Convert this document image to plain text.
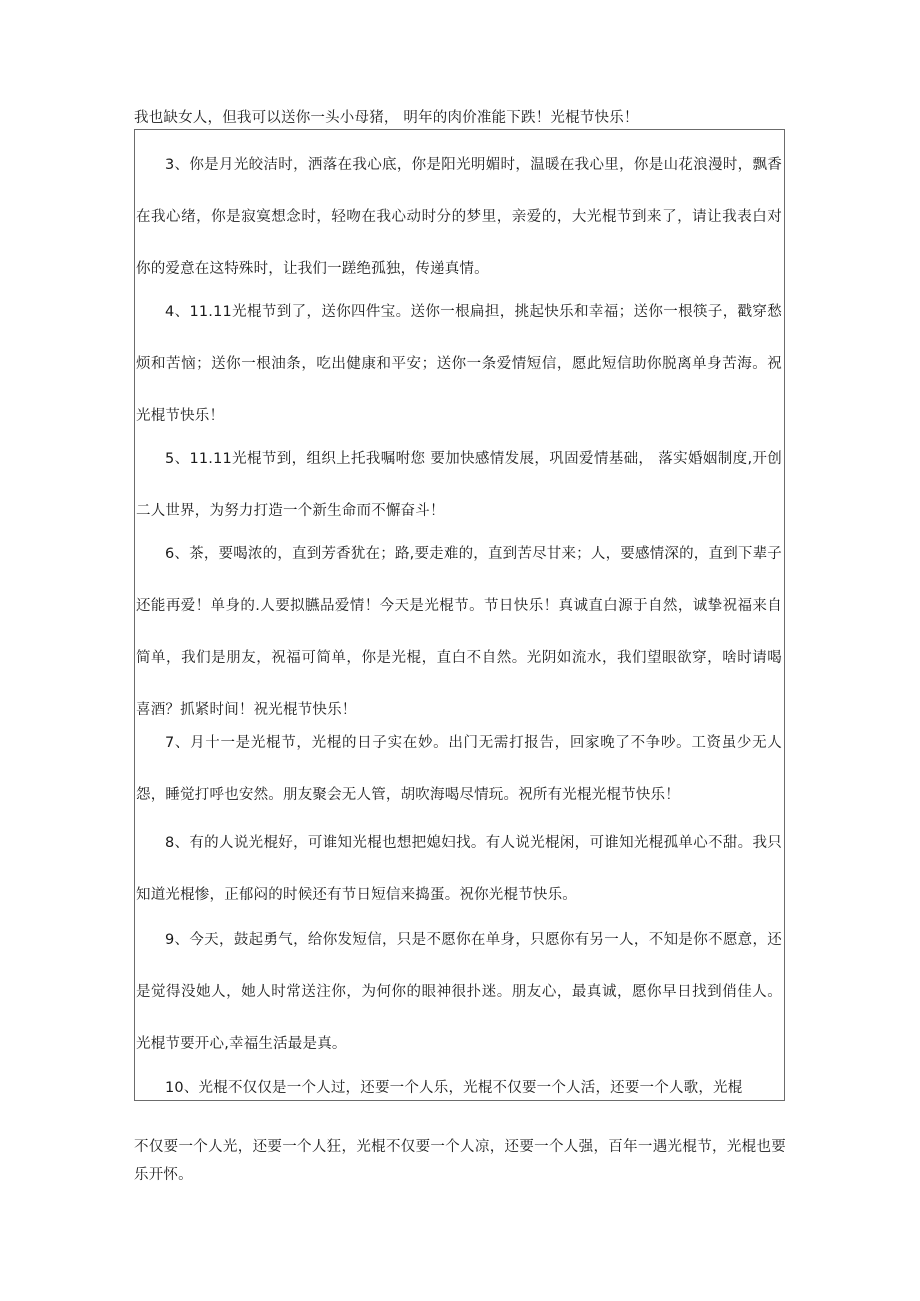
我也缺女人，但我可以送你一头小母猪， 明年的肉价准能下跌！光棍节快乐！

3、你是月光皎洁时，洒落在我心底，你是阳光明媚时，温暖在我心里，你是山花浪漫时，飘香在我心绪，你是寂寞想念时，轻吻在我心动时分的梦里，亲爱的，大光棍节到来了，请让我表白对你的爱意在这特殊时，让我们一蹉绝孤独，传递真情。

4、11.11光棍节到了，送你四件宝。送你一根扁担，挑起快乐和幸福；送你一根筷子，戳穿愁烦和苦恼；送你一根油条，吃出健康和平安；送你一条爱情短信，愿此短信助你脱离单身苦海。祝光棍节快乐！

5、11.11光棍节到，组织上托我嘱咐您 要加快感情发展，巩固爱情基础， 落实婚姻制度,开创二人世界，为努力打造一个新生命而不懈奋斗！

6、茶，要喝浓的，直到芳香犹在；路,要走难的，直到苦尽甘来；人，要感情深的，直到下辈子还能再爱！单身的.人要拟臙品爱情！今天是光棍节。节日快乐！真诚直白源于自然，诚挚祝福来自简单，我们是朋友，祝福可简单，你是光棍，直白不自然。光阴如流水，我们望眼欲穿，啥时请喝喜酒？抓紧时间！祝光棍节快乐！

7、月十一是光棍节，光棍的日子实在妙。出门无需打报告，回家晚了不争吵。工资虽少无人怨，睡觉打呼也安然。朋友聚会无人管，胡吹海喝尽情玩。祝所有光棍光棍节快乐！

8、有的人说光棍好，可谁知光棍也想把媳妇找。有人说光棍闲，可谁知光棍孤单心不甜。我只知道光棍惨，正郁闷的时候还有节日短信来捣蛋。祝你光棍节快乐。

9、今天，鼓起勇气，给你发短信，只是不愿你在单身，只愿你有另一人，不知是你不愿意，还是觉得没她人，她人时常送注你，为何你的眼神很扑迷。朋友心，最真诚，愿你早日找到俏佳人。光棍节要开心,幸福生活最是真。

10、光棍不仅仅是一个人过，还要一个人乐，光棍不仅要一个人活，还要一个人歌，光棍

不仅要一个人光，还要一个人狂，光棍不仅要一个人凉，还要一个人强，百年一遇光棍节，光棍也要乐开怀。
